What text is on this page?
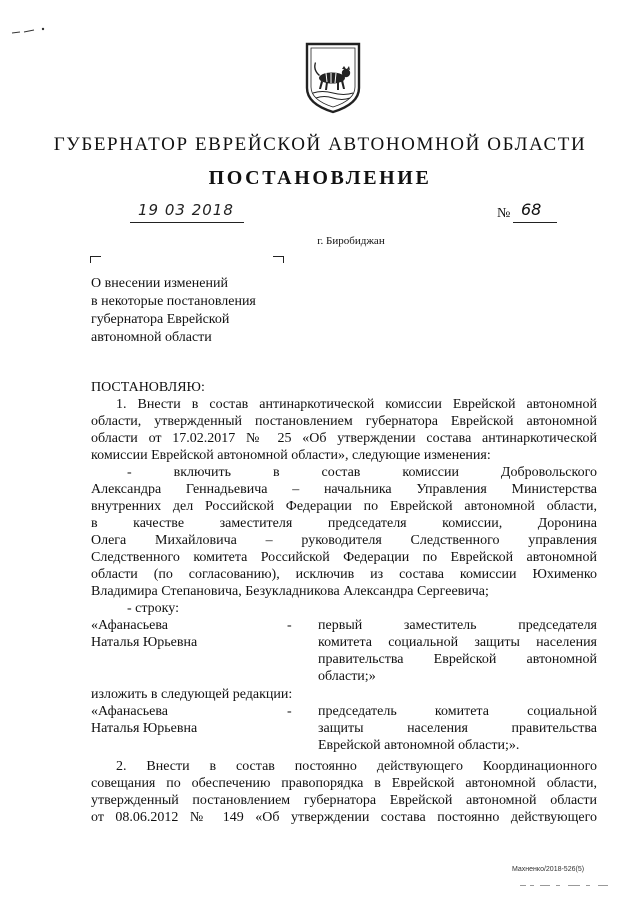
ГУБЕРНАТОР ЕВРЕЙСКОЙ АВТОНОМНОЙ ОБЛАСТИ
ПОСТАНОВЛЕНИЕ
19 03 2018	№ 68
г. Биробиджан
О внесении изменений
в некоторые постановления
губернатора Еврейской
автономной области
ПОСТАНОВЛЯЮ:
1. Внести в состав антинаркотической комиссии Еврейской автономной
области, утвержденный постановлением губернатора Еврейской автономной
области от 17.02.2017 № 25 «Об утверждении состава антинаркотической
комиссии Еврейской автономной области», следующие изменения:
- включить в состав комиссии Добровольского
Александра Геннадьевича – начальника Управления Министерства
внутренних дел Российской Федерации по Еврейской автономной области,
в качестве заместителя председателя комиссии, Доронина
Олега Михайловича – руководителя Следственного управления
Следственного комитета Российской Федерации по Еврейской автономной
области (по согласованию), исключив из состава комиссии Юхименко
Владимира Степановича, Безукладникова Александра Сергеевича;
- строку:
«Афанасьева
Наталья Юрьевна
-	первый заместитель председателя
комитета социальной защиты населения
правительства Еврейской автономной
области;»
изложить в следующей редакции:
«Афанасьева
Наталья Юрьевна
-	председатель комитета социальной
защиты населения правительства
Еврейской автономной области;».
2. Внести в состав постоянно действующего Координационного
совещания по обеспечению правопорядка в Еврейской автономной области,
утвержденный постановлением губернатора Еврейской автономной области
от 08.06.2012 № 149 «Об утверждении состава постоянно действующего
Махненко/2018-526(5)
